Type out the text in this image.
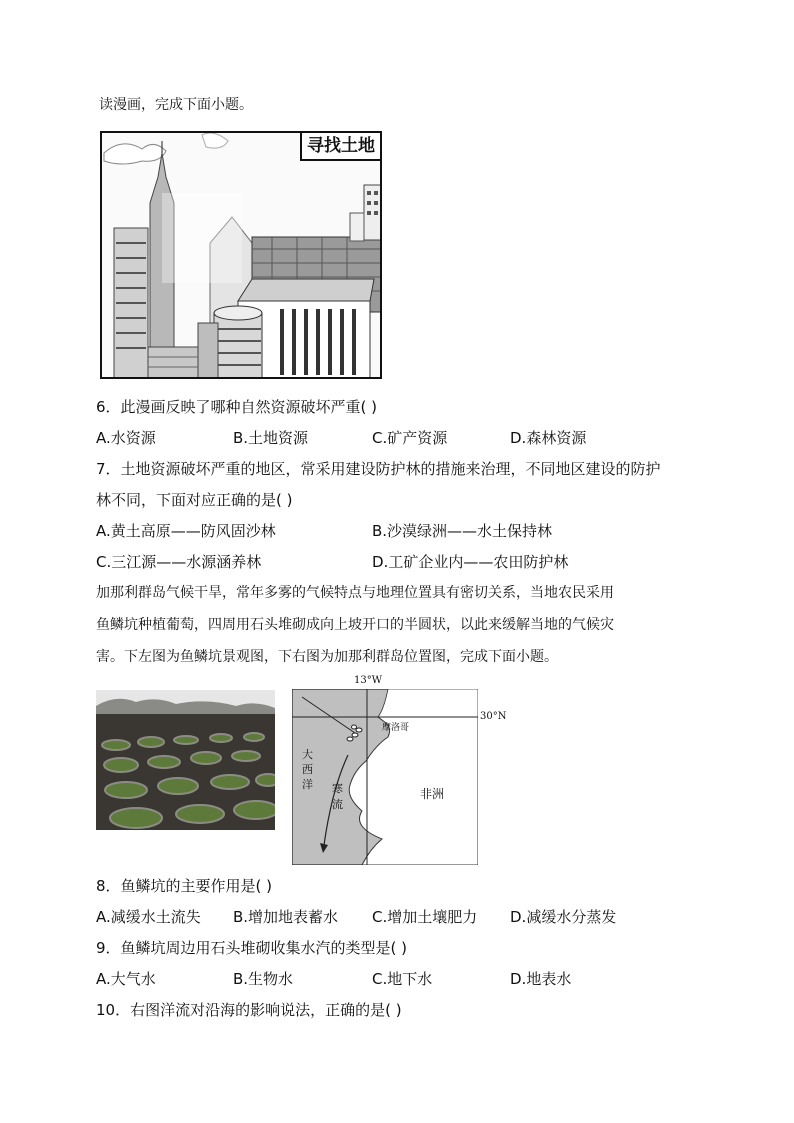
读漫画，完成下面小题。
寻找土地
6．此漫画反映了哪种自然资源破坏严重( )
A.水资源	B.土地资源	C.矿产资源	D.森林资源
7．土地资源破坏严重的地区，常采用建设防护林的措施来治理，不同地区建设的防护
林不同，下面对应正确的是( )
A.黄土高原——防风固沙林	B.沙漠绿洲——水土保持林
C.三江源——水源涵养林	D.工矿企业内——农田防护林
加那利群岛气候干旱，常年多雾的气候特点与地理位置具有密切关系，当地农民采用
鱼鳞坑种植葡萄，四周用石头堆砌成向上坡开口的半圆状，以此来缓解当地的气候灾
害。下左图为鱼鳞坑景观图，下右图为加那利群岛位置图，完成下面小题。
13°W
30°N
摩洛哥
大
西
洋 寒
流
非洲
8．鱼鳞坑的主要作用是( )
A.减缓水土流失 B.增加地表蓄水 C.增加土壤肥力 D.减缓水分蒸发
9．鱼鳞坑周边用石头堆砌收集水汽的类型是( )
A.大气水	B.生物水	C.地下水	D.地表水
10．右图洋流对沿海的影响说法，正确的是( )
